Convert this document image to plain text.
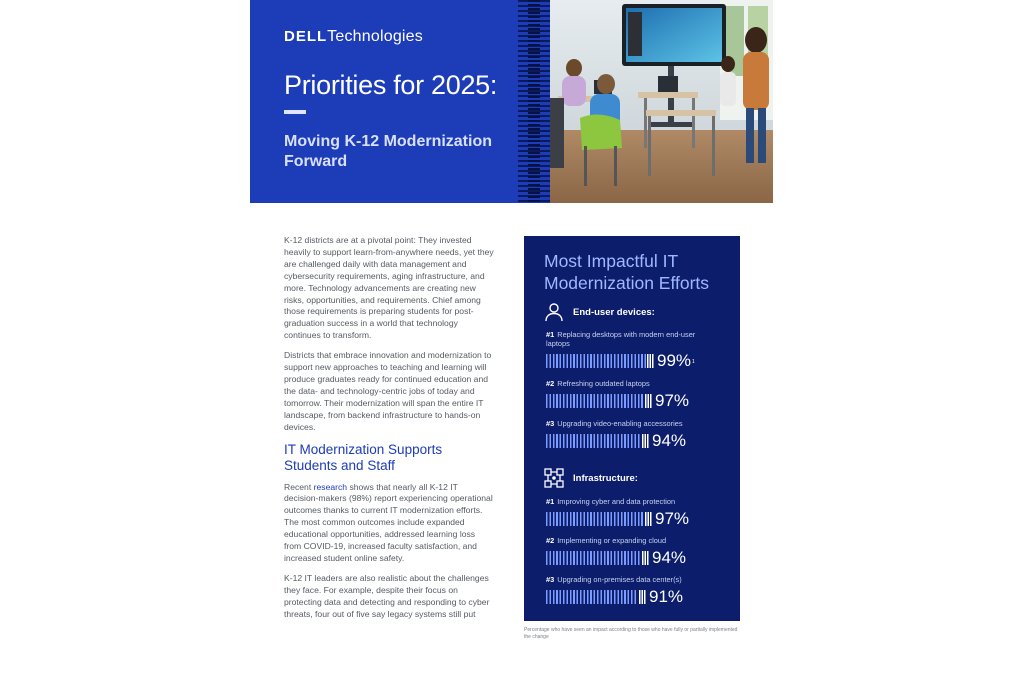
DELLTechnologies
Priorities for 2025:
Moving K-12 Modernization Forward

K-12 districts are at a pivotal point: They invested heavily to support learn-from-anywhere needs, yet they are challenged daily with data management and cybersecurity requirements, aging infrastructure, and more. Technology advancements are creating new risks, opportunities, and requirements. Chief among those requirements is preparing students for post-graduation success in a world that technology continues to transform.

Districts that embrace innovation and modernization to support new approaches to teaching and learning will produce graduates ready for continued education and the data- and technology-centric jobs of today and tomorrow. Their modernization will span the entire IT landscape, from backend infrastructure to hands-on devices.

IT Modernization Supports Students and Staff

Recent research shows that nearly all K-12 IT decision-makers (98%) report experiencing operational outcomes thanks to current IT modernization efforts. The most common outcomes include expanded educational opportunities, addressed learning loss from COVID-19, increased faculty satisfaction, and increased student online safety.

K-12 IT leaders are also realistic about the challenges they face. For example, despite their focus on protecting data and detecting and responding to cyber threats, four out of five say legacy systems still put

Most Impactful IT Modernization Efforts
End-user devices:
#1 Replacing desktops with modern end-user laptops
99%$^1$
#2 Refreshing outdated laptops
97%
#3 Upgrading video-enabling accessories
94%
Infrastructure:
#1 Improving cyber and data protection
97%
#2 Implementing or expanding cloud
94%
#3 Upgrading on-premises data center(s)
91%

Percentage who have seen an impact according to those who have fully or partially implemented the change
